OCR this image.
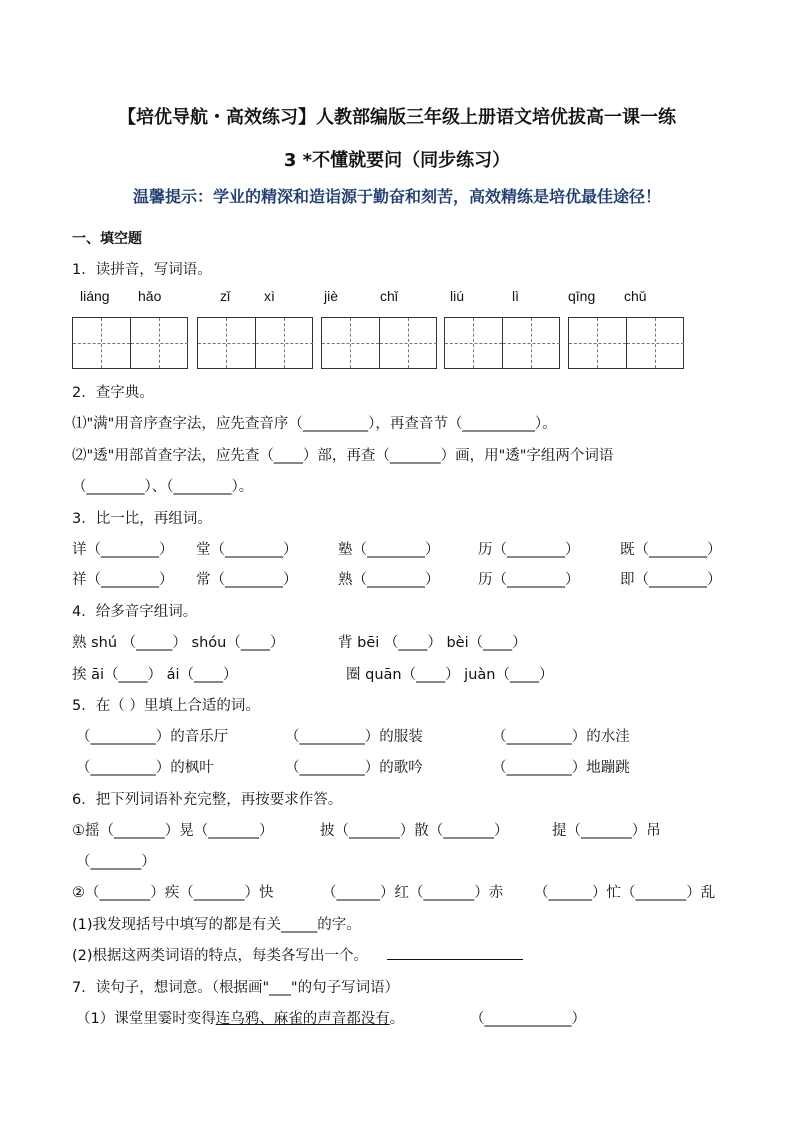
【培优导航・高效练习】人教部编版三年级上册语文培优拔高一课一练
3 *不懂就要问（同步练习）
温馨提示：学业的精深和造诣源于勤奋和刻苦，高效精练是培优最佳途径！
一、填空题
1．读拼音，写词语。
liáng hǎo	zǐ xì	jiè	chǐ	liú	lì	qīng chǔ
2．查字典。
⑴"满"用音序查字法，应先查音序（_________），再查音节（__________）。
⑵"透"用部首查字法，应先查（____）部，再查（_______）画，用"透"字组两个词语
（________）、（________）。
3．比一比，再组词。
详（________） 堂（________）	塾（________）	历（________）	既（________）
祥（________） 常（________）	熟（________）	历（________）	即（________）
4．给多音字组词。
熟 shú （_____） shóu（____）	背 bēi （____） bèi（____）
挨 āi（____） ái（____）	圈 quān（____） juàn（____）
5．在（ ）里填上合适的词。
（_________）的音乐厅	（_________）的服装	（_________）的水洼
（_________）的枫叶	（_________）的歌吟	（_________）地蹦跳
6．把下列词语补充完整，再按要求作答。
①摇（_______）晃（_______）	披（_______）散（_______）	提（_______）吊
（_______）
②（_______）疾（_______）快	（______）红（_______）赤 （______）忙（_______）乱
(1)我发现括号中填写的都是有关_____的字。
(2)根据这两类词语的特点，每类各写出一个。
7．读句子，想词意。（根据画"___"的句子写词语）
（1）课堂里霎时变得连乌鸦、麻雀的声音都没有。	（____________）
